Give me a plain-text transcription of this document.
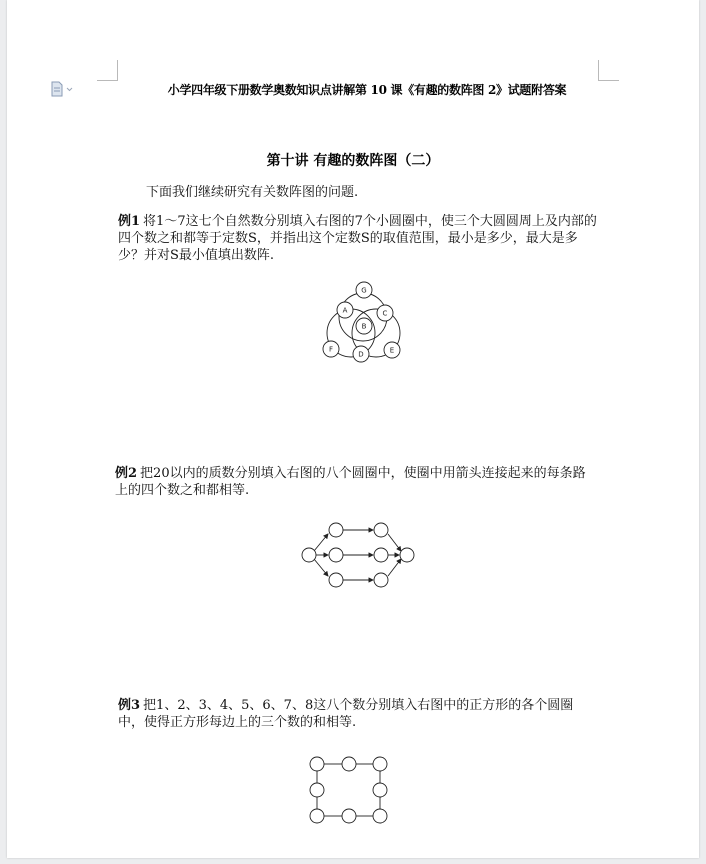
小学四年级下册数学奥数知识点讲解第 10 课《有趣的数阵图 2》试题附答案
第十讲 有趣的数阵图（二）
下面我们继续研究有关数阵图的问题.
例1 将1～7这七个自然数分别填入右图的7个小圆圈中，使三个大圆圆周上及内部的四个数之和都等于定数S，并指出这个定数S的取值范围，最小是多少，最大是多少？并对S最小值填出数阵.
G
A	C
B
F
D	E
例2 把20以内的质数分别填入右图的八个圆圈中，使圈中用箭头连接起来的每条路上的四个数之和都相等.
例3 把1、2、3、4、5、6、7、8这八个数分别填入右图中的正方形的各个圆圈中，使得正方形每边上的三个数的和相等.
